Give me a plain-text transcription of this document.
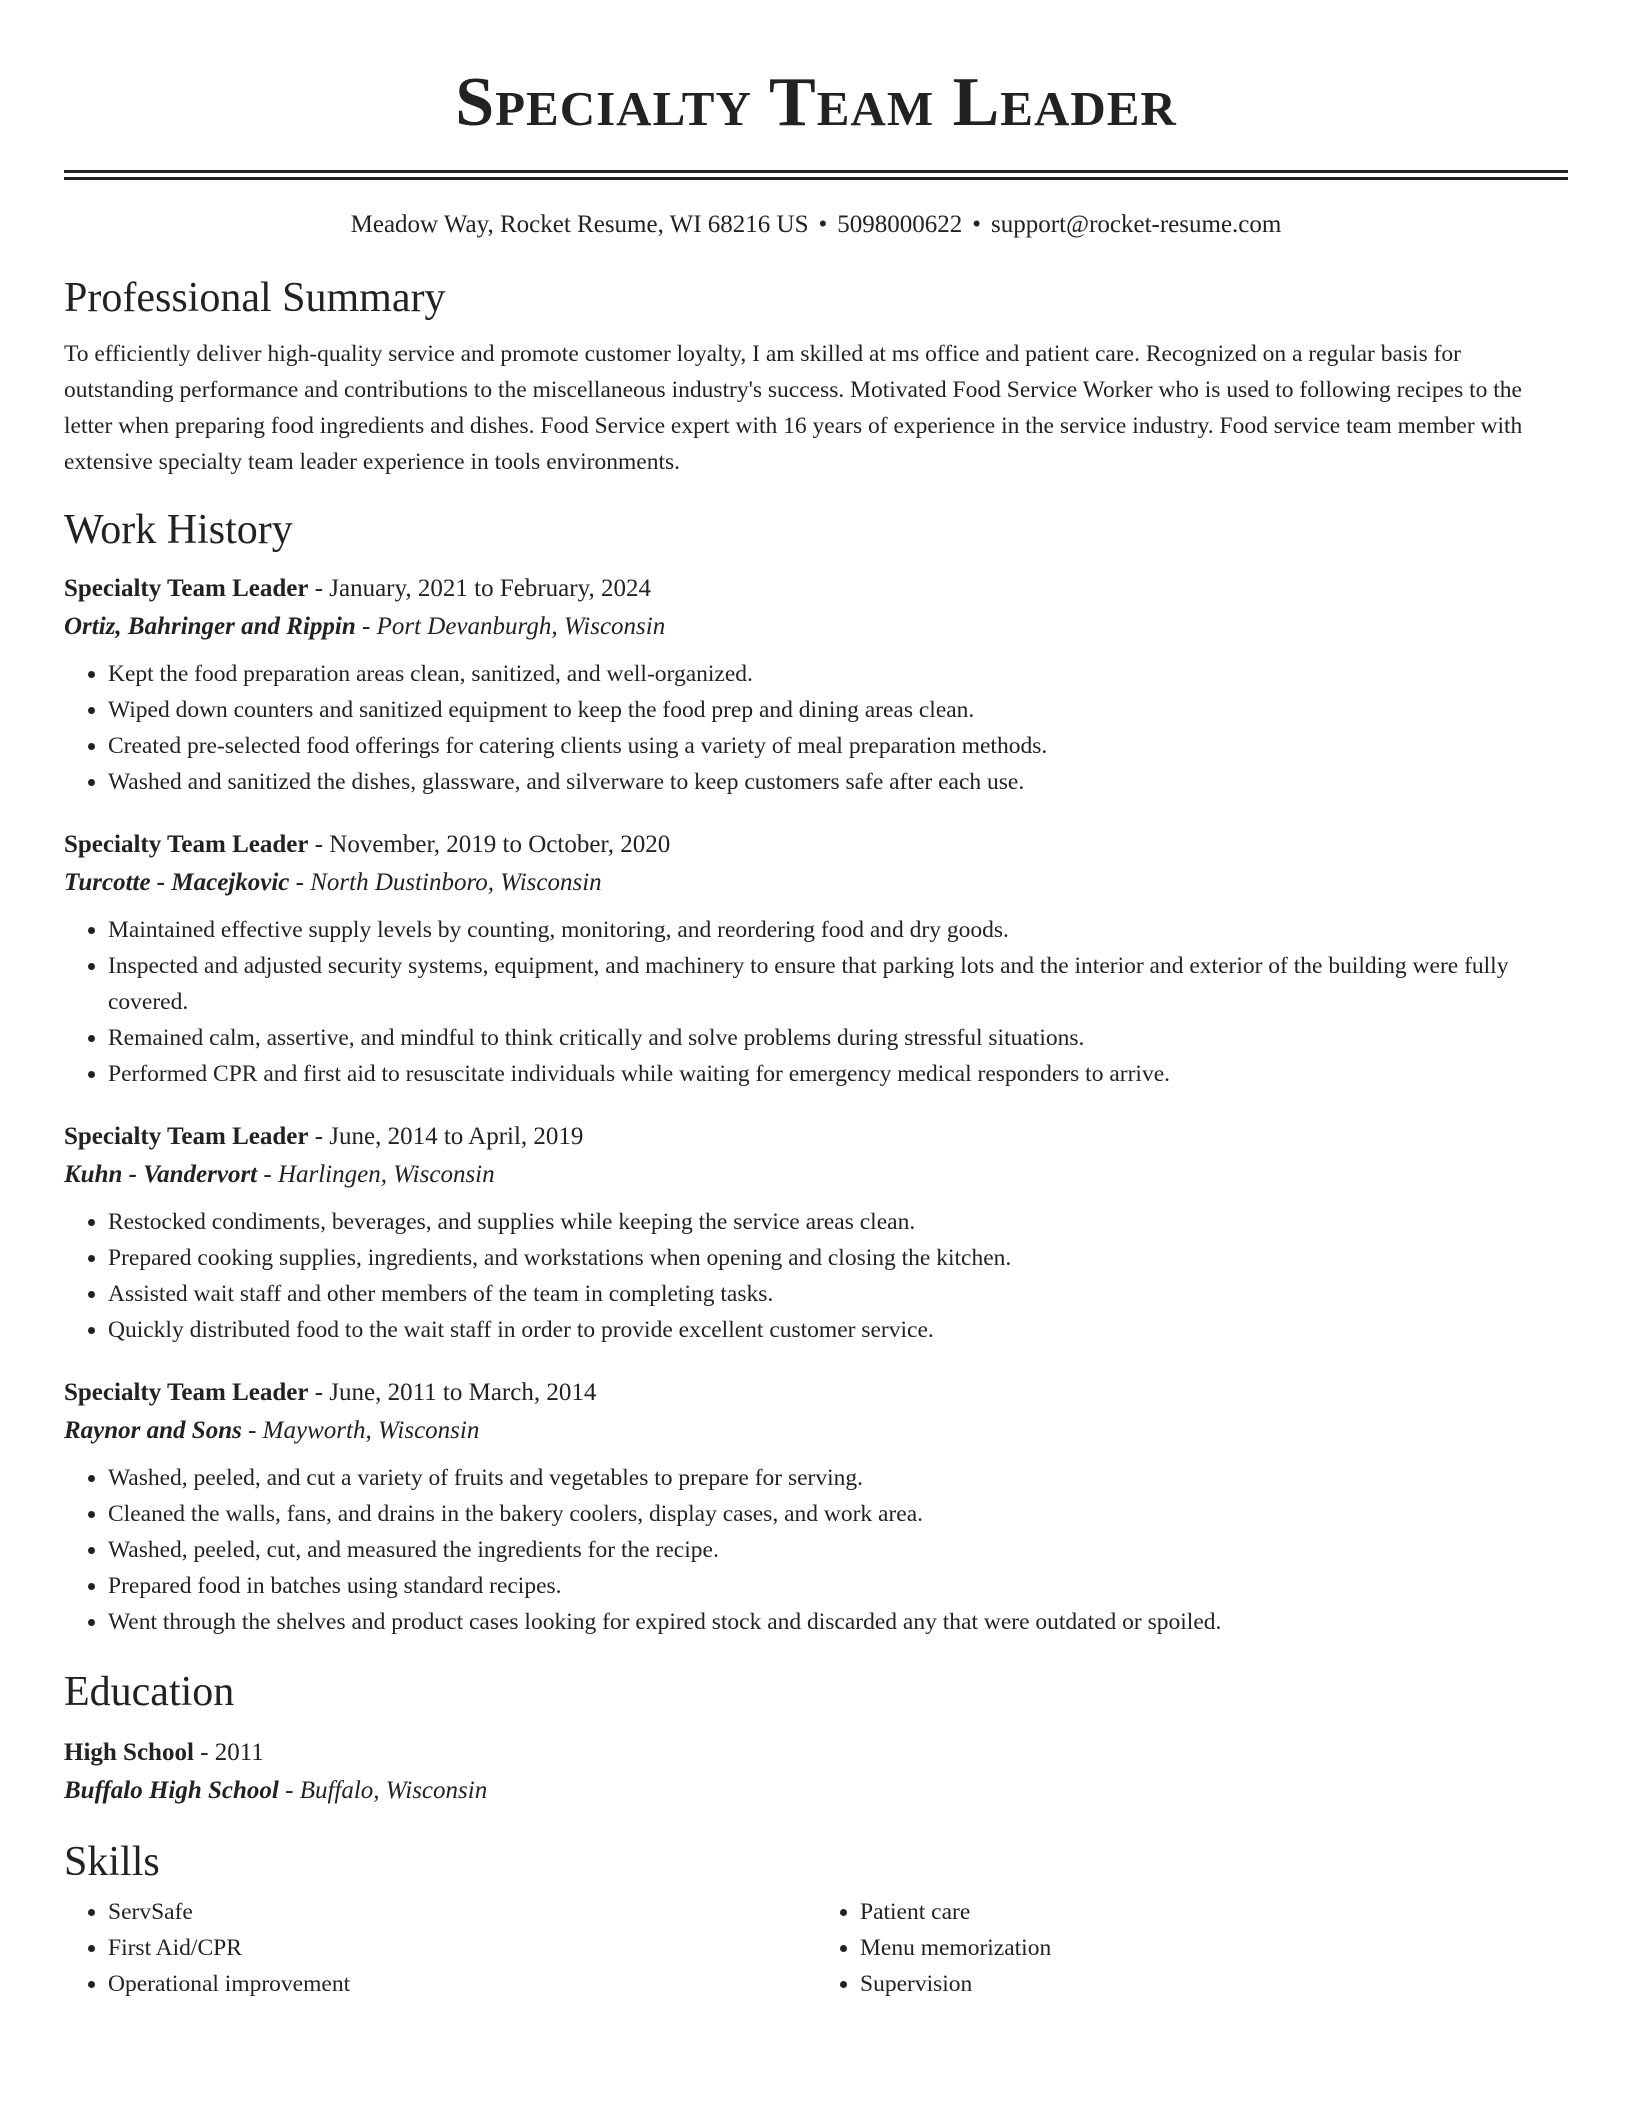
Specialty Team Leader
Meadow Way, Rocket Resume, WI 68216 US • 5098000622 • support@rocket-resume.com
Professional Summary

To efficiently deliver high-quality service and promote customer loyalty, I am skilled at ms office and patient care. Recognized on a regular basis for outstanding performance and contributions to the miscellaneous industry's success. Motivated Food Service Worker who is used to following recipes to the letter when preparing food ingredients and dishes. Food Service expert with 16 years of experience in the service industry. Food service team member with extensive specialty team leader experience in tools environments.

Work History
Specialty Team Leader - January, 2021 to February, 2024
Ortiz, Bahringer and Rippin - Port Devanburgh, Wisconsin
• Kept the food preparation areas clean, sanitized, and well-organized.
• Wiped down counters and sanitized equipment to keep the food prep and dining areas clean.
• Created pre-selected food offerings for catering clients using a variety of meal preparation methods.
• Washed and sanitized the dishes, glassware, and silverware to keep customers safe after each use.
Specialty Team Leader - November, 2019 to October, 2020
Turcotte - Macejkovic - North Dustinboro, Wisconsin
• Maintained effective supply levels by counting, monitoring, and reordering food and dry goods.
• Inspected and adjusted security systems, equipment, and machinery to ensure that parking lots and the interior and exterior of the building were fully covered.
• Remained calm, assertive, and mindful to think critically and solve problems during stressful situations.
• Performed CPR and first aid to resuscitate individuals while waiting for emergency medical responders to arrive.
Specialty Team Leader - June, 2014 to April, 2019
Kuhn - Vandervort - Harlingen, Wisconsin
• Restocked condiments, beverages, and supplies while keeping the service areas clean.
• Prepared cooking supplies, ingredients, and workstations when opening and closing the kitchen.
• Assisted wait staff and other members of the team in completing tasks.
• Quickly distributed food to the wait staff in order to provide excellent customer service.
Specialty Team Leader - June, 2011 to March, 2014
Raynor and Sons - Mayworth, Wisconsin
• Washed, peeled, and cut a variety of fruits and vegetables to prepare for serving.
• Cleaned the walls, fans, and drains in the bakery coolers, display cases, and work area.
• Washed, peeled, cut, and measured the ingredients for the recipe.
• Prepared food in batches using standard recipes.
• Went through the shelves and product cases looking for expired stock and discarded any that were outdated or spoiled.
Education
High School - 2011
Buffalo High School - Buffalo, Wisconsin
Skills
• ServSafe
• First Aid/CPR
• Operational improvement
• Patient care
• Menu memorization
• Supervision
